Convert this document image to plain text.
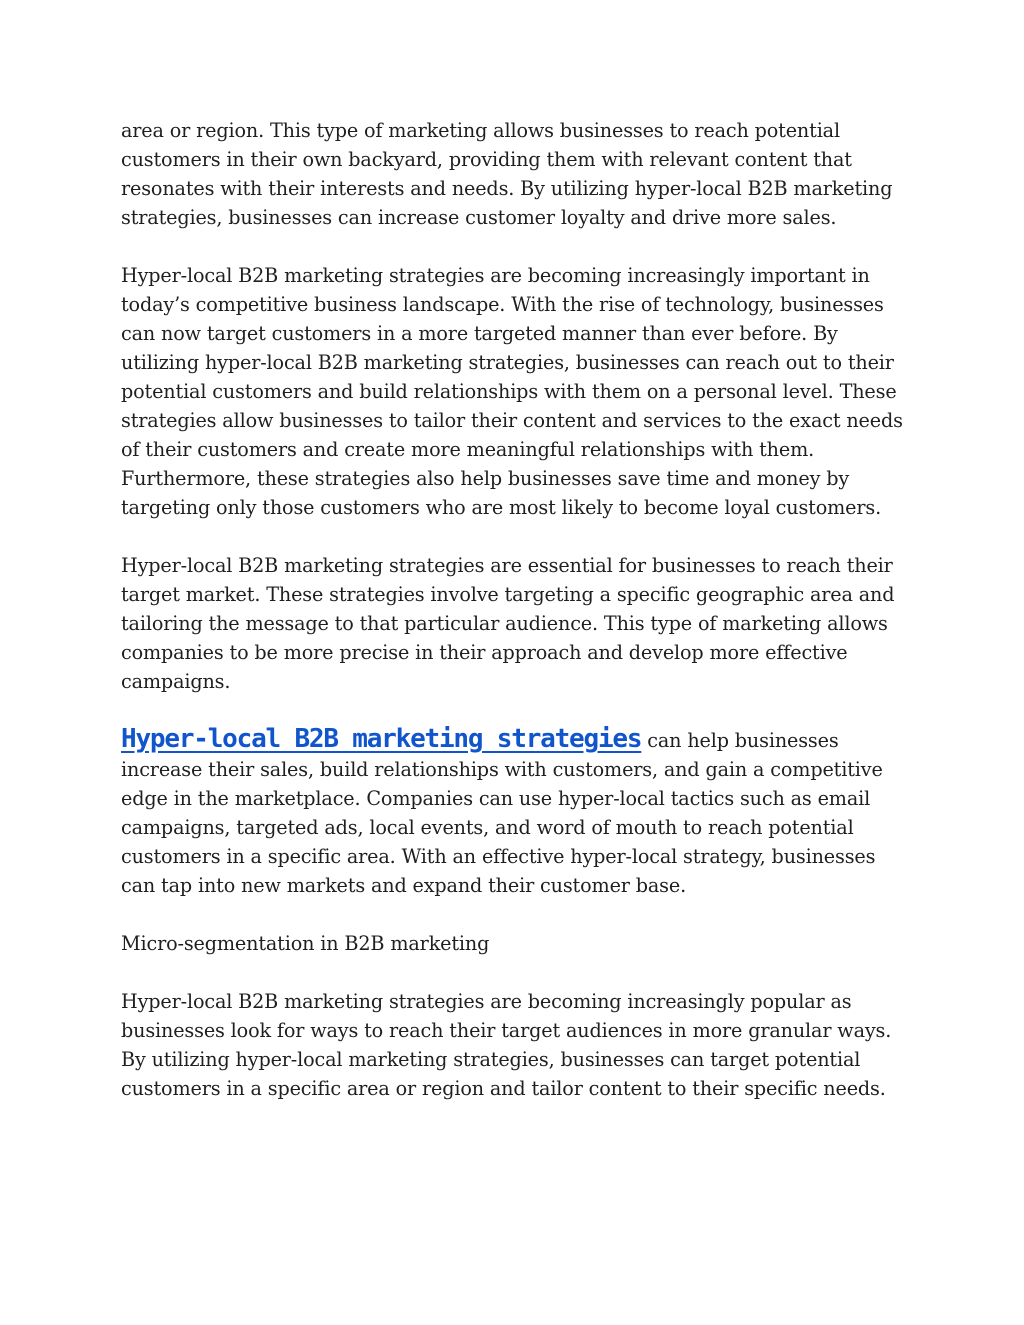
area or region. This type of marketing allows businesses to reach potential customers in their own backyard, providing them with relevant content that resonates with their interests and needs. By utilizing hyper-local B2B marketing strategies, businesses can increase customer loyalty and drive more sales.

Hyper-local B2B marketing strategies are becoming increasingly important in today’s competitive business landscape. With the rise of technology, businesses can now target customers in a more targeted manner than ever before. By utilizing hyper-local B2B marketing strategies, businesses can reach out to their potential customers and build relationships with them on a personal level. These strategies allow businesses to tailor their content and services to the exact needs of their customers and create more meaningful relationships with them. Furthermore, these strategies also help businesses save time and money by targeting only those customers who are most likely to become loyal customers.

Hyper-local B2B marketing strategies are essential for businesses to reach their target market. These strategies involve targeting a specific geographic area and tailoring the message to that particular audience. This type of marketing allows companies to be more precise in their approach and develop more effective campaigns.

Hyper-local B2B marketing strategies can help businesses increase their sales, build relationships with customers, and gain a competitive edge in the marketplace. Companies can use hyper-local tactics such as email campaigns, targeted ads, local events, and word of mouth to reach potential customers in a specific area. With an effective hyper-local strategy, businesses can tap into new markets and expand their customer base.

Micro-segmentation in B2B marketing

Hyper-local B2B marketing strategies are becoming increasingly popular as businesses look for ways to reach their target audiences in more granular ways. By utilizing hyper-local marketing strategies, businesses can target potential customers in a specific area or region and tailor content to their specific needs.
